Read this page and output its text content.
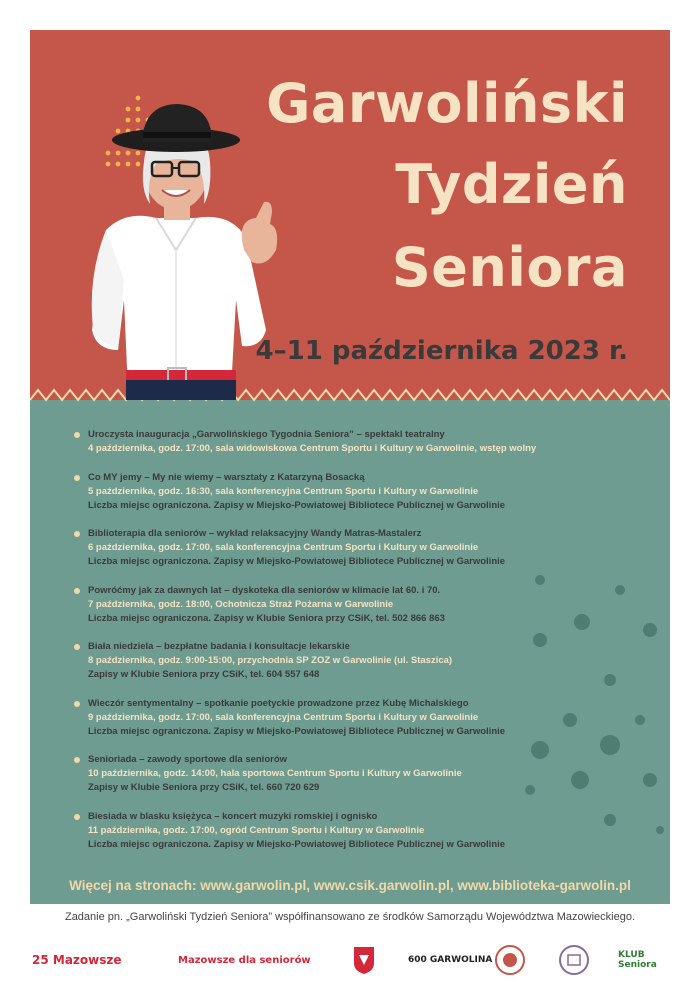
Garwoliński

Tydzień

Seniora

4–11 października 2023 r.

Uroczysta inauguracja „Garwolińskiego Tygodnia Seniora” – spektakl teatralny
4 października, godz. 17:00, sala widowiskowa Centrum Sportu i Kultury w Garwolinie, wstęp wolny
Co MY jemy – My nie wiemy – warsztaty z Katarzyną Bosacką
5 października, godz. 16:30, sala konferencyjna Centrum Sportu i Kultury w Garwolinie
Liczba miejsc ograniczona. Zapisy w Miejsko-Powiatowej Bibliotece Publicznej w Garwolinie
Biblioterapia dla seniorów – wykład relaksacyjny Wandy Matras-Mastalerz
6 października, godz. 17:00, sala konferencyjna Centrum Sportu i Kultury w Garwolinie
Liczba miejsc ograniczona. Zapisy w Miejsko-Powiatowej Bibliotece Publicznej w Garwolinie
Powróćmy jak za dawnych lat – dyskoteka dla seniorów w klimacie lat 60. i 70.
7 października, godz. 18:00, Ochotnicza Straż Pożarna w Garwolinie
Liczba miejsc ograniczona. Zapisy w Klubie Seniora przy CSiK, tel. 502 866 863
Biała niedziela – bezpłatne badania i konsultacje lekarskie
8 października, godz. 9:00-15:00, przychodnia SP ZOZ w Garwolinie (ul. Staszica)
Zapisy w Klubie Seniora przy CSiK, tel. 604 557 648
Wieczór sentymentalny – spotkanie poetyckie prowadzone przez Kubę Michalskiego
9 października, godz. 17:00, sala konferencyjna Centrum Sportu i Kultury w Garwolinie
Liczba miejsc ograniczona. Zapisy w Miejsko-Powiatowej Bibliotece Publicznej w Garwolinie
Senioriada – zawody sportowe dla seniorów
10 października, godz. 14:00, hala sportowa Centrum Sportu i Kultury w Garwolinie
Zapisy w Klubie Seniora przy CSiK, tel. 660 720 629
Biesiada w blasku księżyca – koncert muzyki romskiej i ognisko
11 października, godz. 17:00, ogród Centrum Sportu i Kultury w Garwolinie
Liczba miejsc ograniczona. Zapisy w Miejsko-Powiatowej Bibliotece Publicznej w Garwolinie

Więcej na stronach: www.garwolin.pl, www.csik.garwolin.pl, www.biblioteka-garwolin.pl

Zadanie pn. „Garwoliński Tydzień Seniora” współfinansowano ze środków Samorządu Województwa Mazowieckiego.

25 Mazowsze	Mazowsze dla seniorów	600 GARWOLINA	KLUB Seniora
